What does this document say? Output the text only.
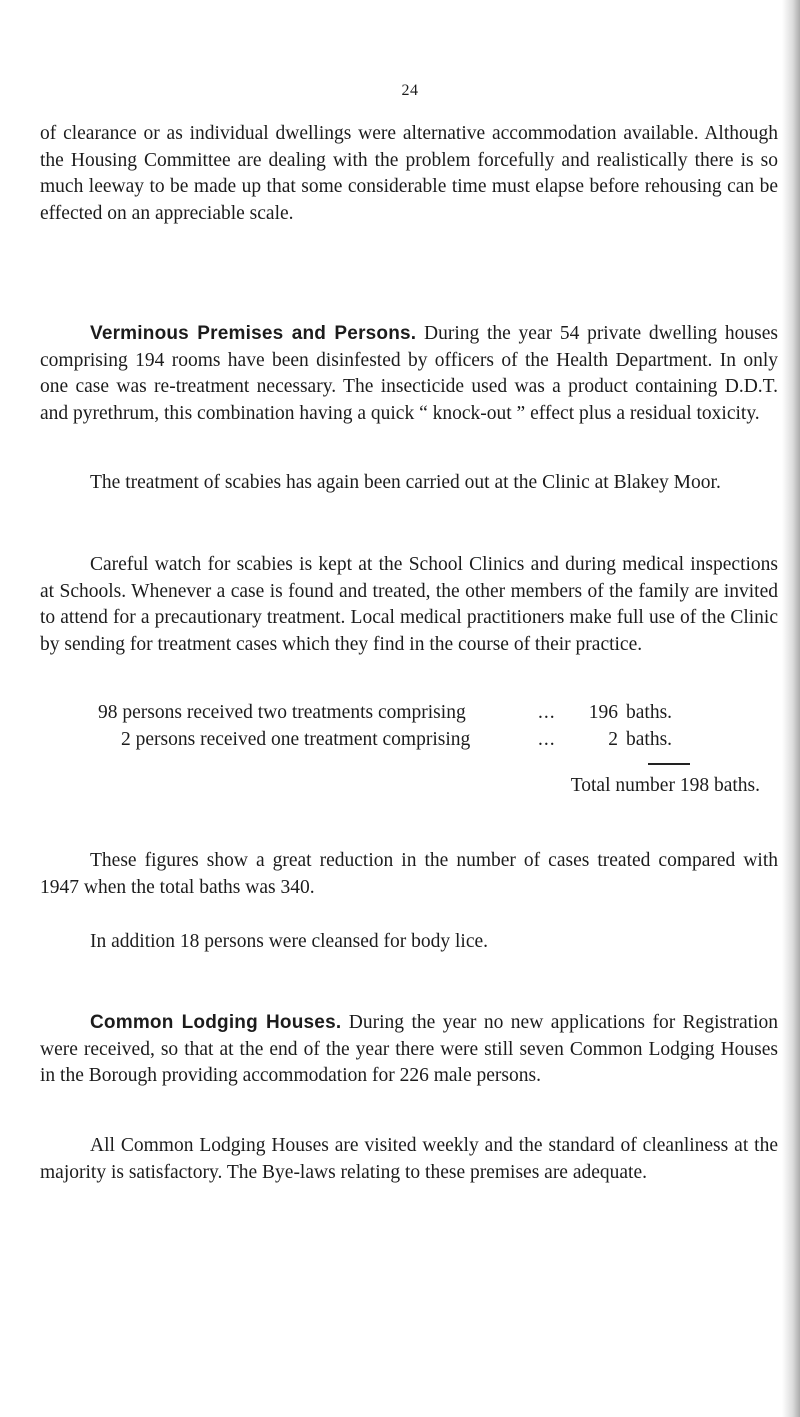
24

of clearance or as individual dwellings were alternative accommodation available. Although the Housing Committee are dealing with the problem forcefully and realistically there is so much leeway to be made up that some considerable time must elapse before rehousing can be effected on an appreciable scale.

Verminous Premises and Persons. During the year 54 private dwelling houses comprising 194 rooms have been disinfested by officers of the Health Department. In only one case was re-treatment necessary. The insecticide used was a product containing D.D.T. and pyrethrum, this combination having a quick “ knock-out ” effect plus a residual toxicity.

The treatment of scabies has again been carried out at the Clinic at Blakey Moor.

Careful watch for scabies is kept at the School Clinics and during medical inspections at Schools. Whenever a case is found and treated, the other members of the family are invited to attend for a precautionary treatment. Local medical practitioners make full use of the Clinic by sending for treatment cases which they find in the course of their practice.

98 persons received two treatments comprising	... 196 baths.
2 persons received one treatment comprising	...	2 baths.
Total number 198 baths.

These figures show a great reduction in the number of cases treated compared with 1947 when the total baths was 340.

In addition 18 persons were cleansed for body lice.

Common Lodging Houses. During the year no new applications for Registration were received, so that at the end of the year there were still seven Common Lodging Houses in the Borough providing accommodation for 226 male persons.

All Common Lodging Houses are visited weekly and the standard of cleanliness at the majority is satisfactory. The Bye-laws relating to these premises are adequate.
